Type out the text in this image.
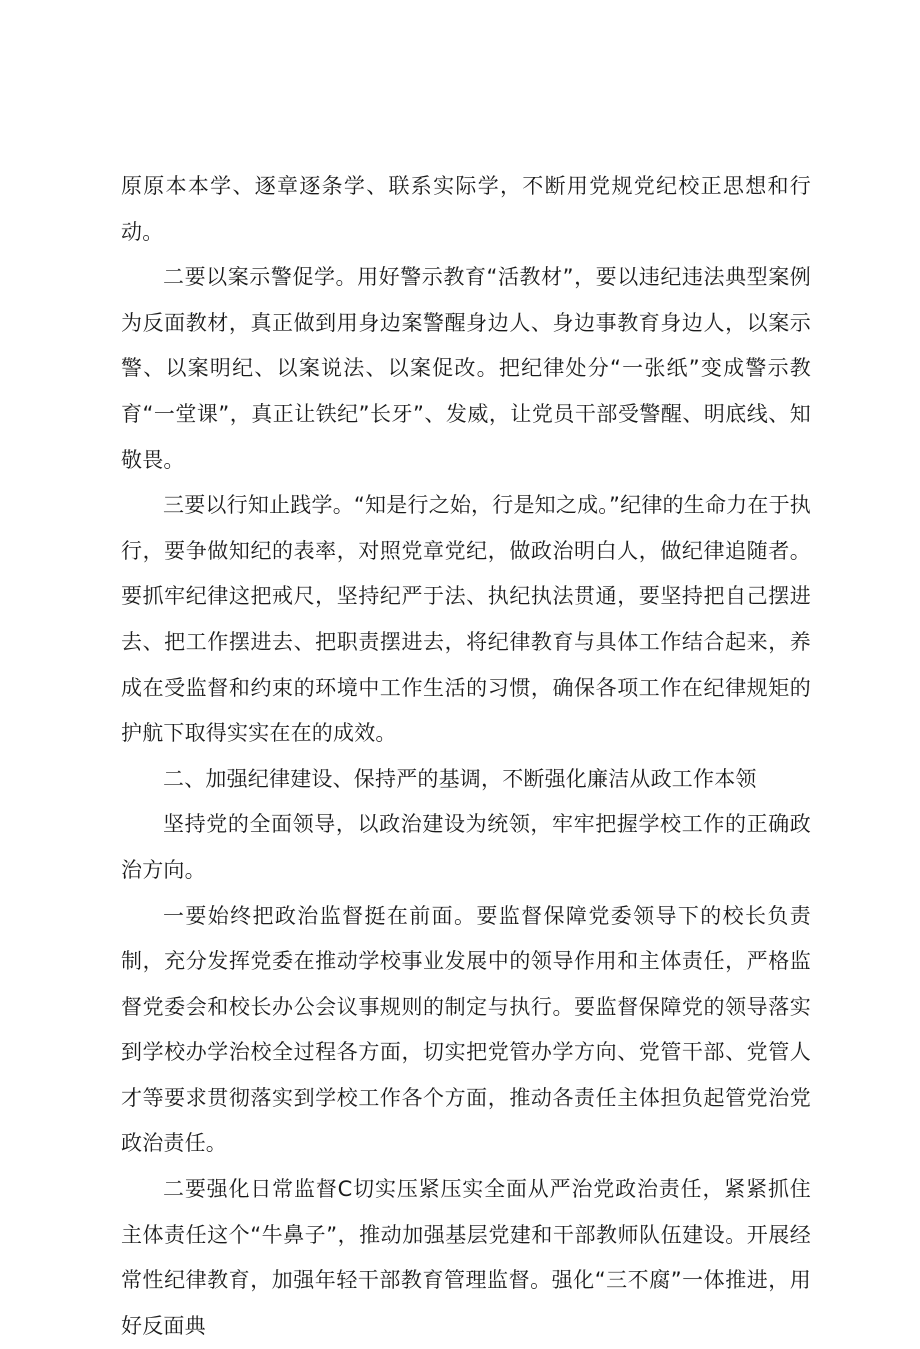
原原本本学、逐章逐条学、联系实际学，不断用党规党纪校正思想和行动。

二要以案示警促学。用好警示教育“活教材”，要以违纪违法典型案例为反面教材，真正做到用身边案警醒身边人、身边事教育身边人，以案示警、以案明纪、以案说法、以案促改。把纪律处分“一张纸”变成警示教育“一堂课”，真正让铁纪”长牙”、发威，让党员干部受警醒、明底线、知敬畏。

三要以行知止践学。“知是行之始，行是知之成。”纪律的生命力在于执行，要争做知纪的表率，对照党章党纪，做政治明白人，做纪律追随者。要抓牢纪律这把戒尺，坚持纪严于法、执纪执法贯通，要坚持把自己摆进去、把工作摆进去、把职责摆进去，将纪律教育与具体工作结合起来，养成在受监督和约束的环境中工作生活的习惯，确保各项工作在纪律规矩的护航下取得实实在在的成效。

二、加强纪律建设、保持严的基调，不断强化廉洁从政工作本领

坚持党的全面领导，以政治建设为统领，牢牢把握学校工作的正确政治方向。

一要始终把政治监督挺在前面。要监督保障党委领导下的校长负责制，充分发挥党委在推动学校事业发展中的领导作用和主体责任，严格监督党委会和校长办公会议事规则的制定与执行。要监督保障党的领导落实到学校办学治校全过程各方面，切实把党管办学方向、党管干部、党管人才等要求贯彻落实到学校工作各个方面，推动各责任主体担负起管党治党政治责任。

二要强化日常监督C切实压紧压实全面从严治党政治责任，紧紧抓住主体责任这个“牛鼻子”，推动加强基层党建和干部教师队伍建设。开展经常性纪律教育，加强年轻干部教育管理监督。强化“三不腐”一体推进，用好反面典
